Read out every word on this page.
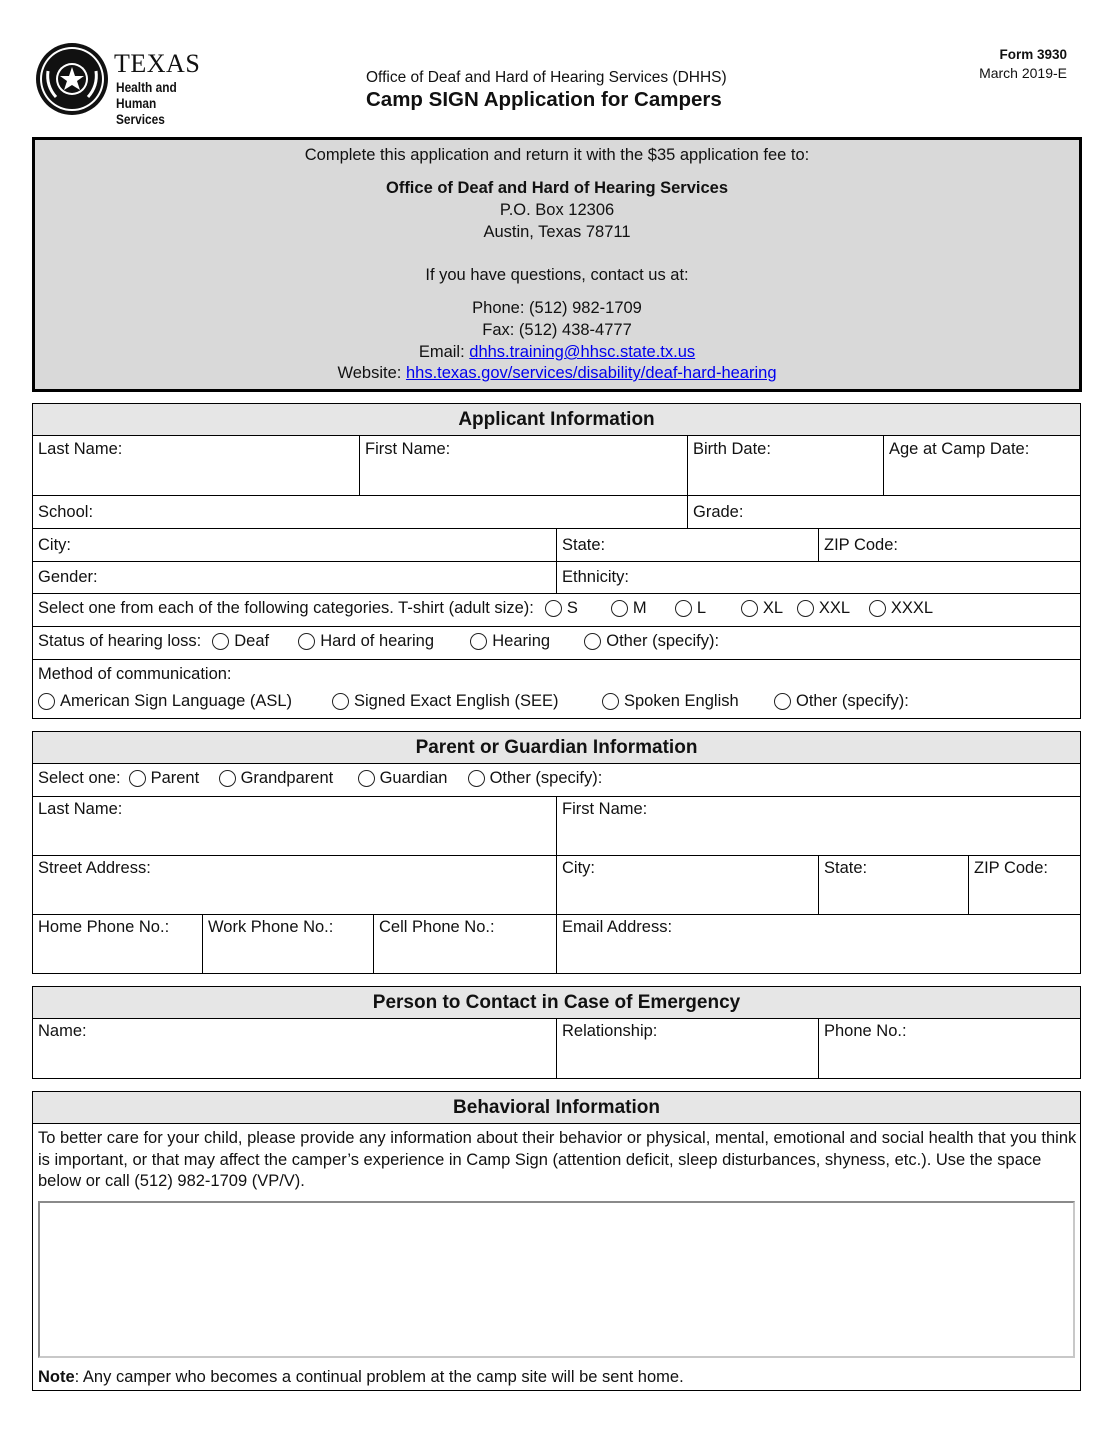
TEXAS
Health and Human
Services
Office of Deaf and Hard of Hearing Services (DHHS)
Camp SIGN Application for Campers
Form 3930
March 2019-E
Complete this application and return it with the $35 application fee to:
Office of Deaf and Hard of Hearing Services
P.O. Box 12306
Austin, Texas 78711
If you have questions, contact us at:
Phone: (512) 982-1709
Fax: (512) 438-4777
Email: dhhs.training@hhsc.state.tx.us
Website: hhs.texas.gov/services/disability/deaf-hard-hearing
Applicant Information
Last Name:	First Name:	Birth Date:	Age at Camp Date:
School:	Grade:
City:	State:	ZIP Code:
Gender:	Ethnicity:
Select one from each of the following categories. T-shirt (adult size): S	M	L	XL XXL XXXL
Status of hearing loss: Deaf	Hard of hearing	Hearing	Other (specify):
Method of communication:
American Sign Language (ASL)	Signed Exact English (SEE)	Spoken English	Other (specify):
Parent or Guardian Information
Select one: Parent	Grandparent	Guardian	Other (specify):
Last Name:	First Name:
Street Address:	City:	State:	ZIP Code:
Home Phone No.: Work Phone No.:	Cell Phone No.:	Email Address:
Person to Contact in Case of Emergency
Name:	Relationship:	Phone No.:
Behavioral Information
To better care for your child, please provide any information about their behavior or physical, mental, emotional and social health that you think is important, or that may affect the camper’s experience in Camp Sign (attention deficit, sleep disturbances, shyness, etc.). Use the space below or call (512) 982-1709 (VP/V).
Note: Any camper who becomes a continual problem at the camp site will be sent home.
